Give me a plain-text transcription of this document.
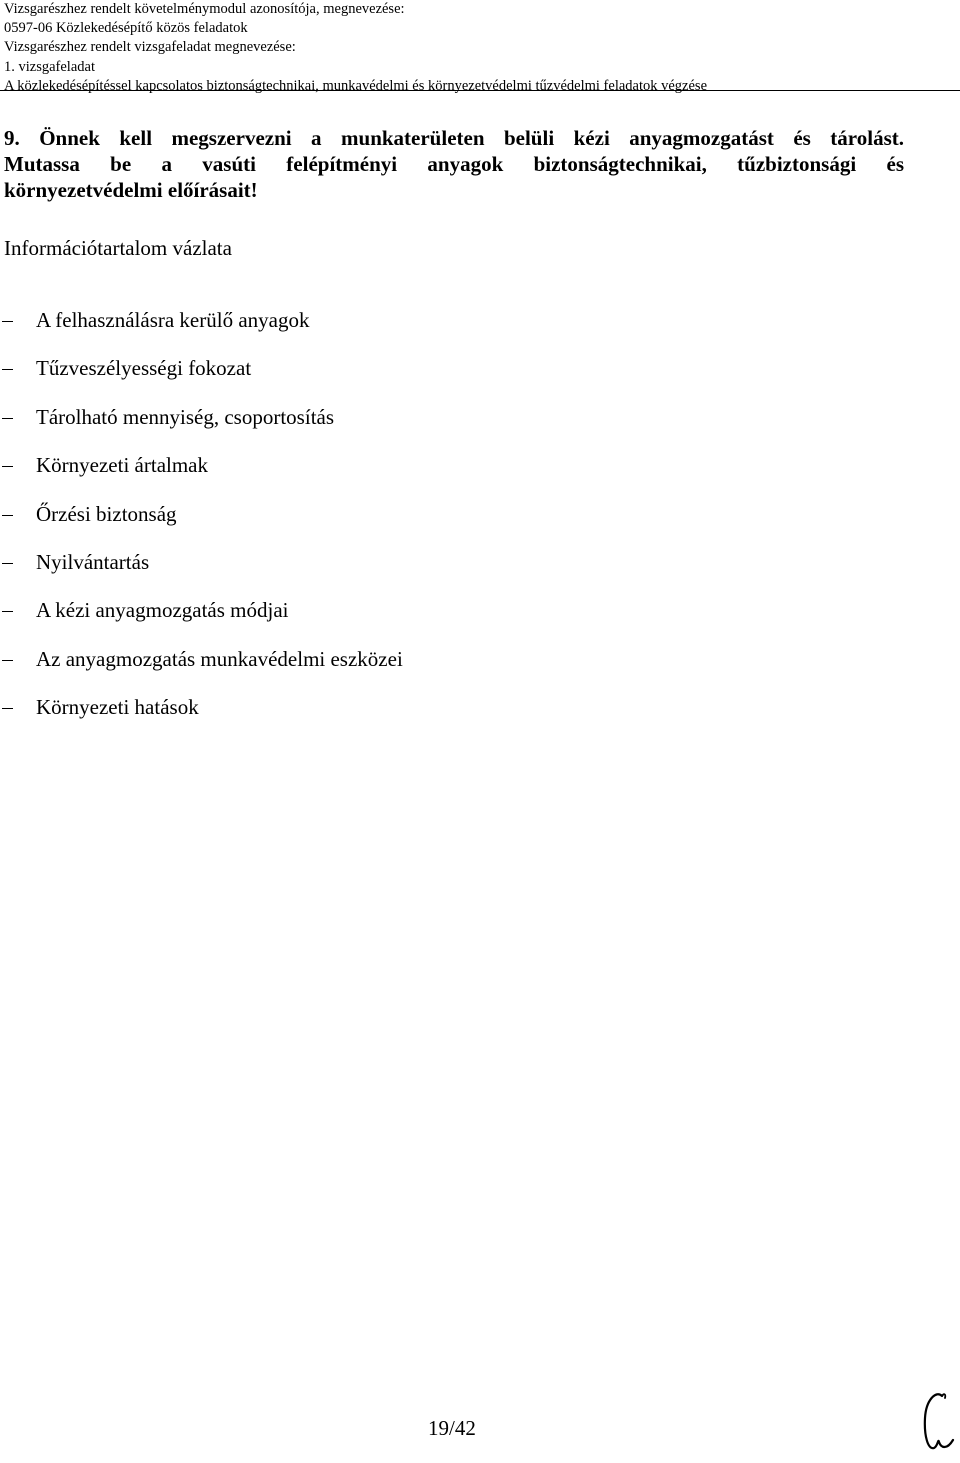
Vizsgarészhez rendelt követelménymodul azonosítója, megnevezése:
0597-06 Közlekedésépítő közös feladatok
Vizsgarészhez rendelt vizsgafeladat megnevezése:
1. vizsgafeladat
A közlekedésépítéssel kapcsolatos biztonságtechnikai, munkavédelmi és környezetvédelmi tűzvédelmi feladatok végzése
9. Önnek kell megszervezni a munkaterületen belüli kézi anyagmozgatást és tárolást.
Mutassa be a vasúti felépítményi anyagok biztonságtechnikai, tűzbiztonsági és
környezetvédelmi előírásait!
Információtartalom vázlata
A felhasználásra kerülő anyagok
Tűzveszélyességi fokozat
Tárolható mennyiség, csoportosítás
Környezeti ártalmak
Őrzési biztonság
Nyilvántartás
A kézi anyagmozgatás módjai
Az anyagmozgatás munkavédelmi eszközei
Környezeti hatások
19/42
